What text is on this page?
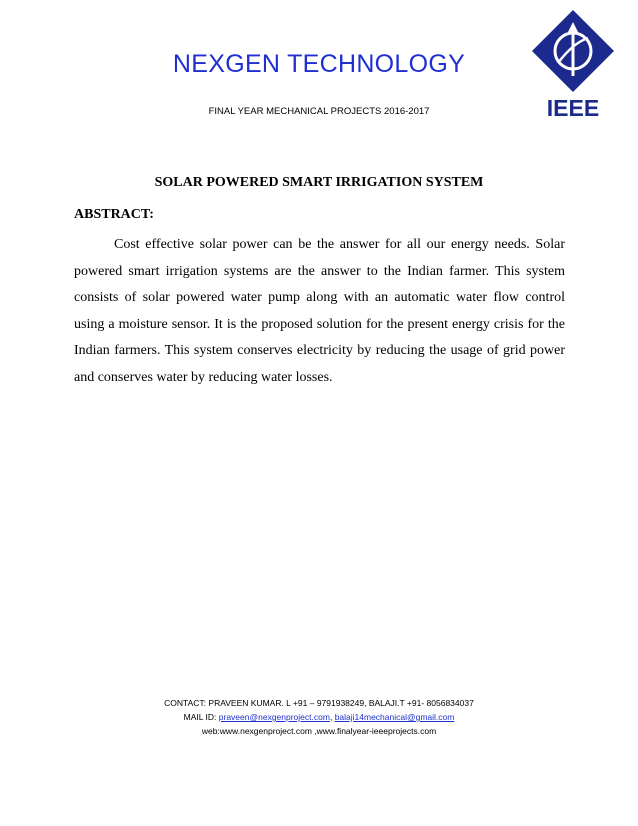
NEXGEN TECHNOLOGY
FINAL YEAR MECHANICAL PROJECTS 2016-2017	IEEE
SOLAR POWERED SMART IRRIGATION SYSTEM
ABSTRACT:

Cost effective solar power can be the answer for all our energy needs. Solar powered smart irrigation systems are the answer to the Indian farmer. This system consists of solar powered water pump along with an automatic water flow control using a moisture sensor. It is the proposed solution for the present energy crisis for the Indian farmers. This system conserves electricity by reducing the usage of grid power and conserves water by reducing water losses.

CONTACT: PRAVEEN KUMAR. L +91 – 9791938249, BALAJI.T +91- 8056834037
MAIL ID: praveen@nexgenproject.com, balaji14mechanical@gmail.com
web:www.nexgenproject.com ,www.finalyear-ieeeprojects.com
